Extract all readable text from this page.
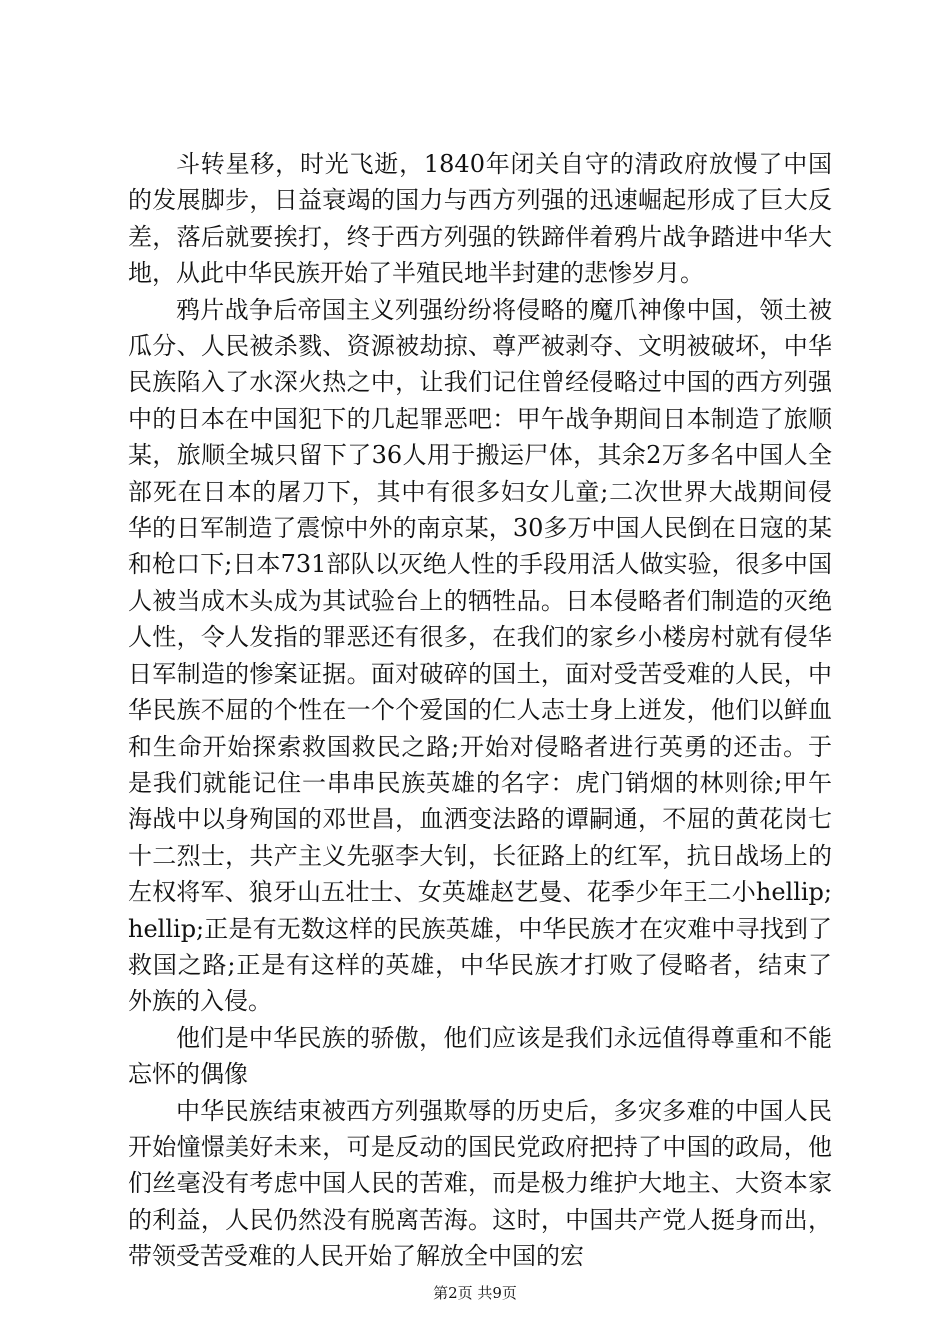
斗转星移，时光飞逝，1840年闭关自守的清政府放慢了中国的发展脚步，日益衰竭的国力与西方列强的迅速崛起形成了巨大反差，落后就要挨打，终于西方列强的铁蹄伴着鸦片战争踏进中华大地，从此中华民族开始了半殖民地半封建的悲惨岁月。

鸦片战争后帝国主义列强纷纷将侵略的魔爪神像中国，领土被瓜分、人民被杀戮、资源被劫掠、尊严被剥夺、文明被破坏，中华民族陷入了水深火热之中，让我们记住曾经侵略过中国的西方列强中的日本在中国犯下的几起罪恶吧：甲午战争期间日本制造了旅顺某，旅顺全城只留下了36人用于搬运尸体，其余2万多名中国人全部死在日本的屠刀下，其中有很多妇女儿童;二次世界大战期间侵华的日军制造了震惊中外的南京某，30多万中国人民倒在日寇的某和枪口下;日本731部队以灭绝人性的手段用活人做实验，很多中国人被当成木头成为其试验台上的牺牲品。日本侵略者们制造的灭绝人性，令人发指的罪恶还有很多，在我们的家乡小楼房村就有侵华日军制造的惨案证据。面对破碎的国土，面对受苦受难的人民，中华民族不屈的个性在一个个爱国的仁人志士身上迸发，他们以鲜血和生命开始探索救国救民之路;开始对侵略者进行英勇的还击。于是我们就能记住一串串民族英雄的名字：虎门销烟的林则徐;甲午海战中以身殉国的邓世昌，血洒变法路的谭嗣通，不屈的黄花岗七十二烈士，共产主义先驱李大钊，长征路上的红军，抗日战场上的左权将军、狼牙山五壮士、女英雄赵艺曼、花季少年王二小hellip;hellip;正是有无数这样的民族英雄，中华民族才在灾难中寻找到了救国之路;正是有这样的英雄，中华民族才打败了侵略者，结束了外族的入侵。

他们是中华民族的骄傲，他们应该是我们永远值得尊重和不能忘怀的偶像

中华民族结束被西方列强欺辱的历史后，多灾多难的中国人民开始憧憬美好未来，可是反动的国民党政府把持了中国的政局，他们丝毫没有考虑中国人民的苦难，而是极力维护大地主、大资本家的利益，人民仍然没有脱离苦海。这时，中国共产党人挺身而出，带领受苦受难的人民开始了解放全中国的宏

第2页 共9页
